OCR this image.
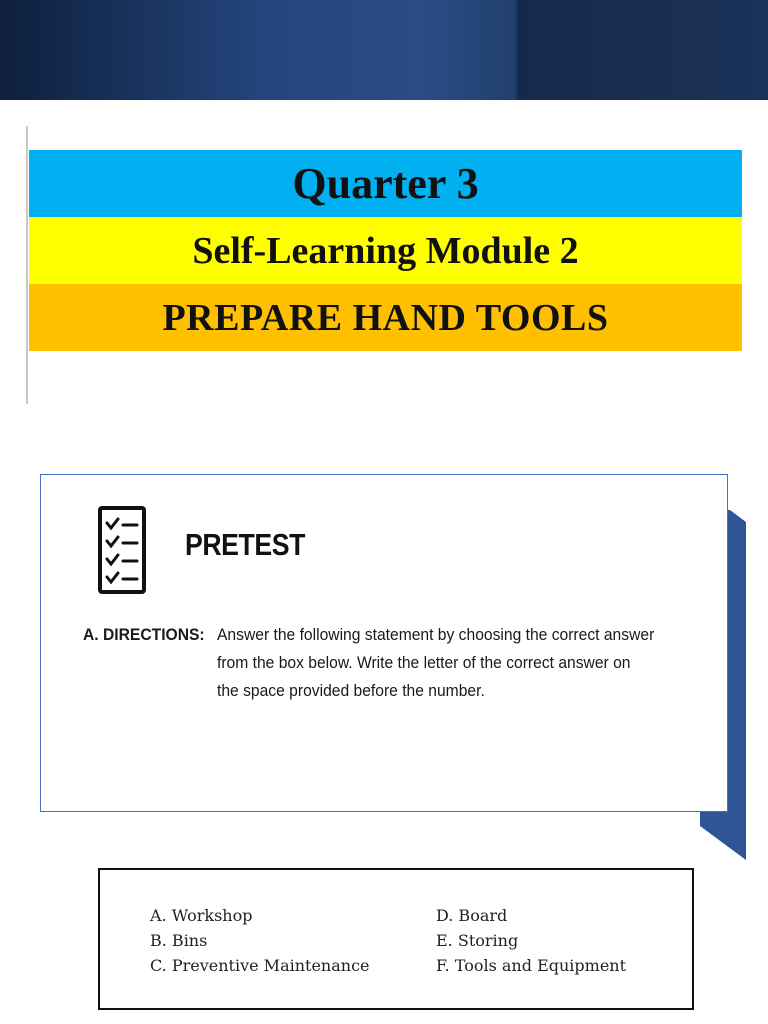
Quarter 3
Self-Learning Module 2
PREPARE HAND TOOLS
PRETEST
A. DIRECTIONS: Answer the following statement by choosing the correct answer from the box below. Write the letter of the correct answer on the space provided before the number.
A. Workshop	D. Board
B. Bins	E. Storing
C. Preventive Maintenance	F. Tools and Equipment
